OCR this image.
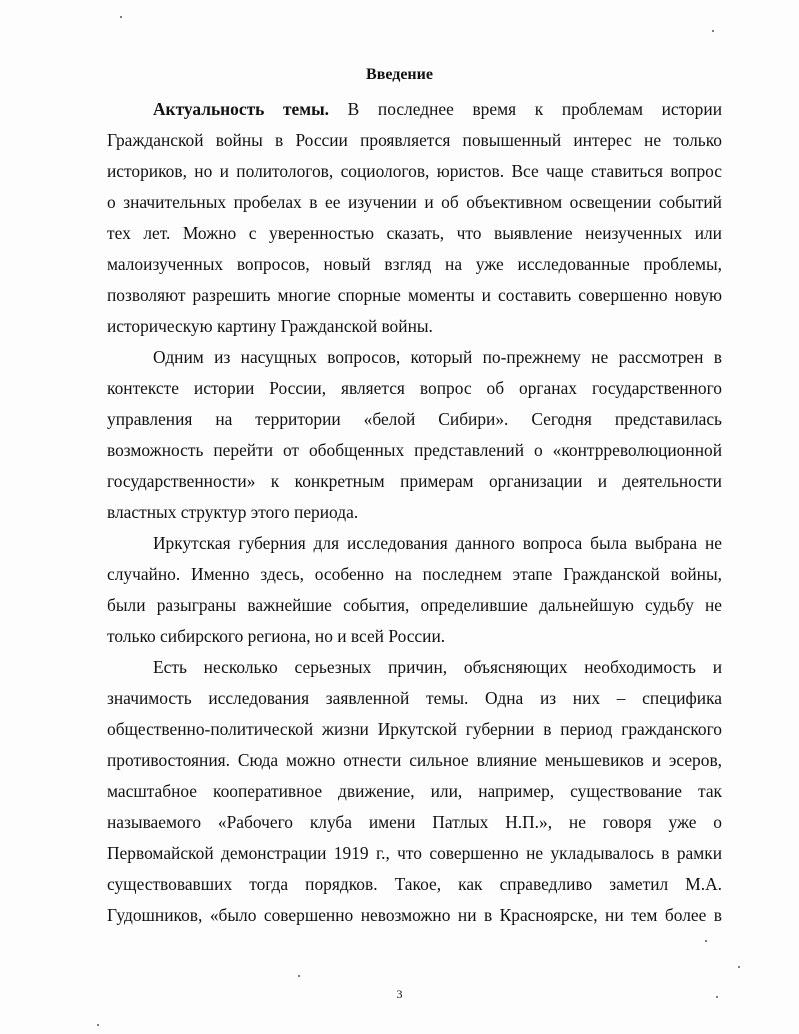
Введение
Актуальность темы. В последнее время к проблемам истории
Гражданской войны в России проявляется повышенный интерес не только
историков, но и политологов, социологов, юристов. Все чаще ставиться вопрос
о значительных пробелах в ее изучении и об объективном освещении событий
тех лет. Можно с уверенностью сказать, что выявление неизученных или
малоизученных вопросов, новый взгляд на уже исследованные проблемы,
позволяют разрешить многие спорные моменты и составить совершенно новую
историческую картину Гражданской войны.
Одним из насущных вопросов, который по-прежнему не рассмотрен в
контексте истории России, является вопрос об органах государственного
управления на территории «белой Сибири». Сегодня представилась
возможность перейти от обобщенных представлений о «контрреволюционной
государственности» к конкретным примерам организации и деятельности
властных структур этого периода.
Иркутская губерния для исследования данного вопроса была выбрана не
случайно. Именно здесь, особенно на последнем этапе Гражданской войны,
были разыграны важнейшие события, определившие дальнейшую судьбу не
только сибирского региона, но и всей России.
Есть несколько серьезных причин, объясняющих необходимость и
значимость исследования заявленной темы. Одна из них – специфика
общественно-политической жизни Иркутской губернии в период гражданского
противостояния. Сюда можно отнести сильное влияние меньшевиков и эсеров,
масштабное кооперативное движение, или, например, существование так
называемого «Рабочего клуба имени Патлых Н.П.», не говоря уже о
Первомайской демонстрации 1919 г., что совершенно не укладывалось в рамки
существовавших тогда порядков. Такое, как справедливо заметил М.А.
Гудошников, «было совершенно невозможно ни в Красноярске, ни тем более в
3
